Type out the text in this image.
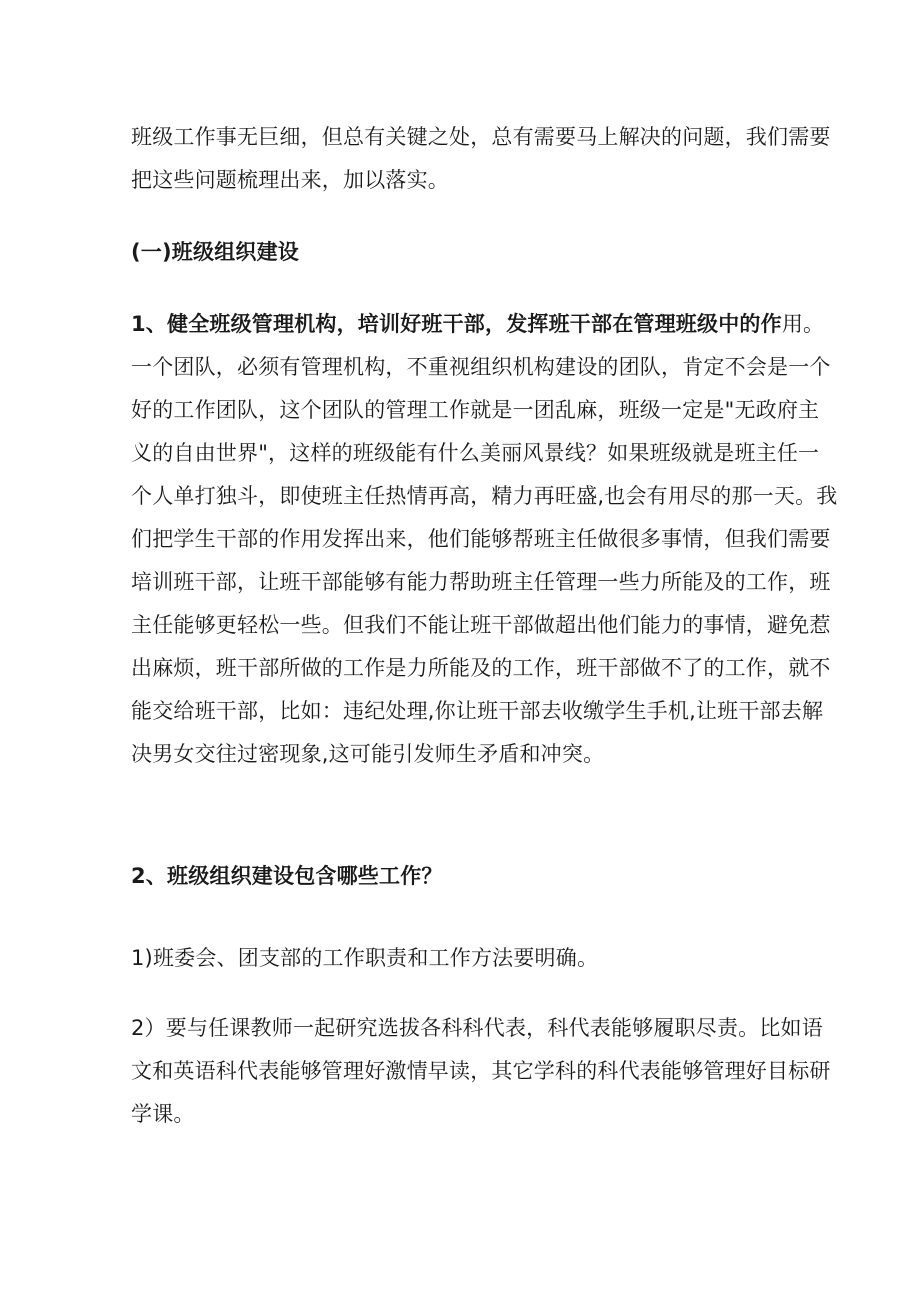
班级工作事无巨细，但总有关键之处，总有需要马上解决的问题，我们需要
把这些问题梳理出来，加以落实。

(一)班级组织建设

1、健全班级管理机构，培训好班干部，发挥班干部在管理班级中的作用。
一个团队，必须有管理机构，不重视组织机构建设的团队，肯定不会是一个
好的工作团队，这个团队的管理工作就是一团乱麻，班级一定是"无政府主
义的自由世界"，这样的班级能有什么美丽风景线？如果班级就是班主任一
个人单打独斗，即使班主任热情再高，精力再旺盛,也会有用尽的那一天。我
们把学生干部的作用发挥出来，他们能够帮班主任做很多事情，但我们需要
培训班干部，让班干部能够有能力帮助班主任管理一些力所能及的工作，班
主任能够更轻松一些。但我们不能让班干部做超出他们能力的事情，避免惹
出麻烦，班干部所做的工作是力所能及的工作，班干部做不了的工作，就不
能交给班干部，比如：违纪处理,你让班干部去收缴学生手机,让班干部去解
决男女交往过密现象,这可能引发师生矛盾和冲突。

2、班级组织建设包含哪些工作？

1)班委会、团支部的工作职责和工作方法要明确。

2）要与任课教师一起研究选拔各科科代表，科代表能够履职尽责。比如语
文和英语科代表能够管理好激情早读，其它学科的科代表能够管理好目标研
学课。
